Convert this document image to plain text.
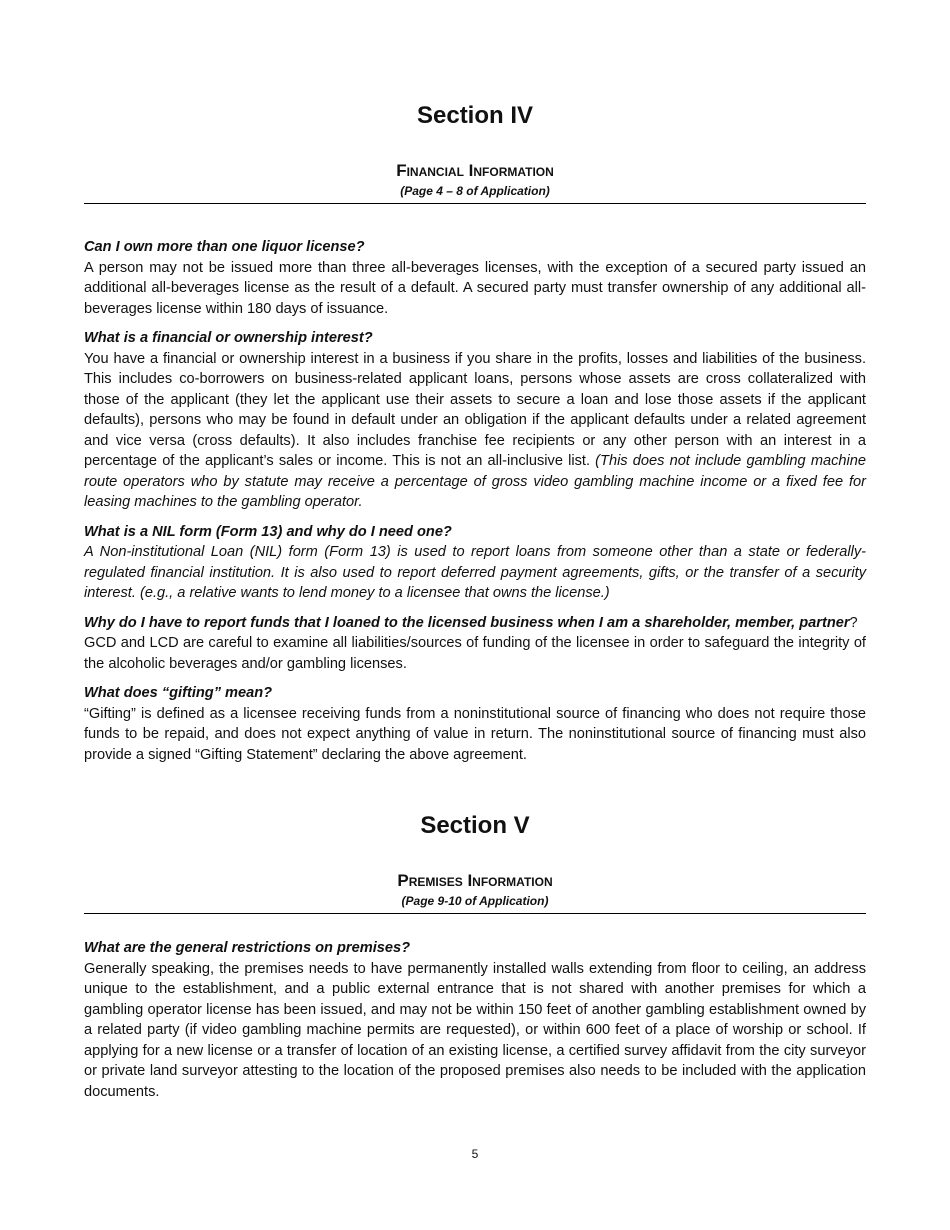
Section IV
Financial Information
(Page 4 – 8 of Application)

Can I own more than one liquor license?

A person may not be issued more than three all-beverages licenses, with the exception of a secured party issued an additional all-beverages license as the result of a default. A secured party must transfer ownership of any additional all-beverages license within 180 days of issuance.

What is a financial or ownership interest?

You have a financial or ownership interest in a business if you share in the profits, losses and liabilities of the business. This includes co-borrowers on business-related applicant loans, persons whose assets are cross collateralized with those of the applicant (they let the applicant use their assets to secure a loan and lose those assets if the applicant defaults), persons who may be found in default under an obligation if the applicant defaults under a related agreement and vice versa (cross defaults). It also includes franchise fee recipients or any other person with an interest in a percentage of the applicant’s sales or income. This is not an all-inclusive list. (This does not include gambling machine route operators who by statute may receive a percentage of gross video gambling machine income or a fixed fee for leasing machines to the gambling operator.

What is a NIL form (Form 13) and why do I need one?

A Non-institutional Loan (NIL) form (Form 13) is used to report loans from someone other than a state or federally-regulated financial institution. It is also used to report deferred payment agreements, gifts, or the transfer of a security interest. (e.g., a relative wants to lend money to a licensee that owns the license.)

Why do I have to report funds that I loaned to the licensed business when I am a shareholder, member, partner?

GCD and LCD are careful to examine all liabilities/sources of funding of the licensee in order to safeguard the integrity of the alcoholic beverages and/or gambling licenses.

What does “gifting” mean?

“Gifting” is defined as a licensee receiving funds from a noninstitutional source of financing who does not require those funds to be repaid, and does not expect anything of value in return. The noninstitutional source of financing must also provide a signed “Gifting Statement” declaring the above agreement.

Section V
Premises Information
(Page 9-10 of Application)

What are the general restrictions on premises?

Generally speaking, the premises needs to have permanently installed walls extending from floor to ceiling, an address unique to the establishment, and a public external entrance that is not shared with another premises for which a gambling operator license has been issued, and may not be within 150 feet of another gambling establishment owned by a related party (if video gambling machine permits are requested), or within 600 feet of a place of worship or school. If applying for a new license or a transfer of location of an existing license, a certified survey affidavit from the city surveyor or private land surveyor attesting to the location of the proposed premises also needs to be included with the application documents.

5
